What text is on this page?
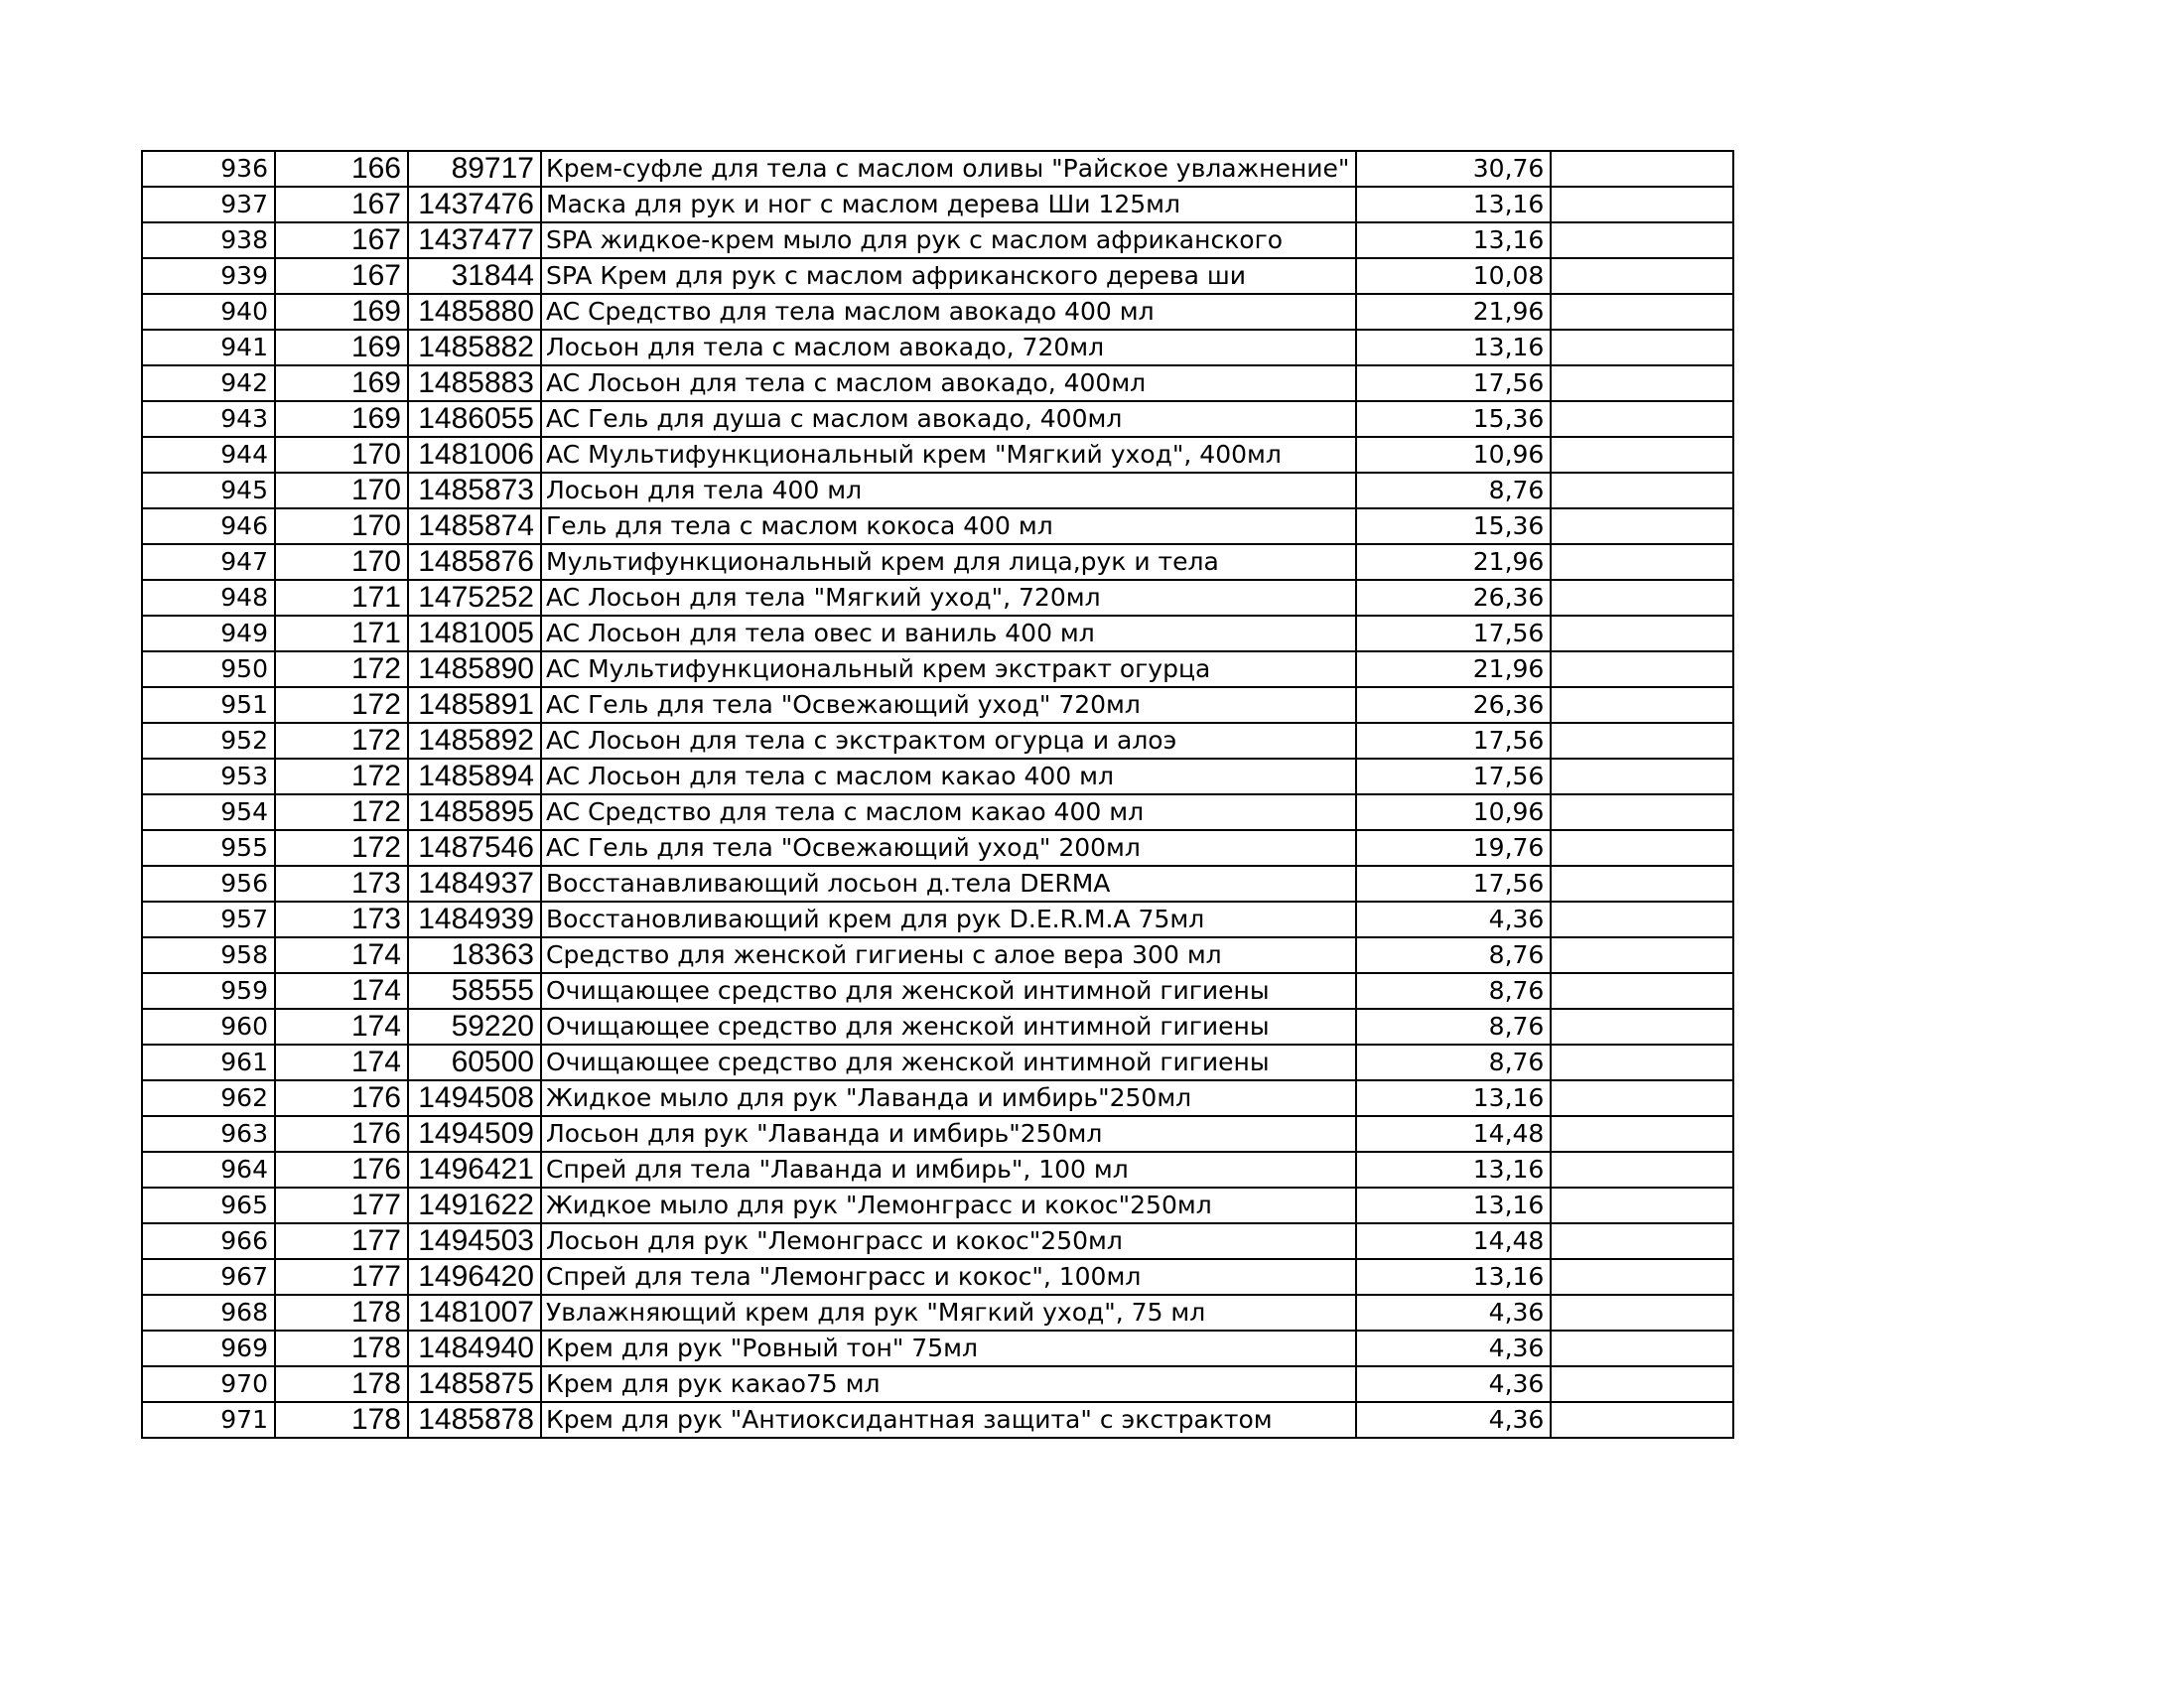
936	166	89717	Крем-суфле для тела с маслом оливы "Райское увлажнение"	30,76	
937	167	1437476	Маска для рук и ног с маслом дерева Ши 125мл	13,16	
938	167	1437477	SPA жидкое-крем мыло для рук с маслом африканского	13,16	
939	167	31844	SPA Крем для рук с маслом африканского дерева ши	10,08	
940	169	1485880	AC Средство для тела маслом авокадо 400 мл	21,96	
941	169	1485882	Лосьон для тела с маслом авокадо, 720мл	13,16	
942	169	1485883	AC Лосьон для тела с маслом авокадо, 400мл	17,56	
943	169	1486055	AC Гель для душа с маслом авокадо, 400мл	15,36	
944	170	1481006	AC Мультифункциональный крем "Мягкий уход", 400мл	10,96	
945	170	1485873	Лосьон для тела 400 мл	8,76	
946	170	1485874	Гель для тела с маслом кокоса 400 мл	15,36	
947	170	1485876	Мультифункциональный крем для лица,рук и тела	21,96	
948	171	1475252	AC Лосьон для тела "Мягкий уход", 720мл	26,36	
949	171	1481005	AC Лосьон для тела овес и ваниль 400 мл	17,56	
950	172	1485890	AC Мультифункциональный крем экстракт огурца	21,96	
951	172	1485891	AC Гель для тела "Освежающий уход" 720мл	26,36	
952	172	1485892	AC Лосьон для тела с экстрактом огурца и алоэ	17,56	
953	172	1485894	AC Лосьон для тела с маслом какао 400 мл	17,56	
954	172	1485895	AC Средство для тела с маслом какао 400 мл	10,96	
955	172	1487546	AC Гель для тела "Освежающий уход" 200мл	19,76	
956	173	1484937	Восстанавливающий лосьон д.тела DERMA	17,56	
957	173	1484939	Восстановливающий крем для рук D.E.R.M.A 75мл	4,36	
958	174	18363	Средство для женской гигиены с алое вера 300 мл	8,76	
959	174	58555	Очищающее средство для женской интимной гигиены	8,76	
960	174	59220	Очищающее средство для женской интимной гигиены	8,76	
961	174	60500	Очищающее средство для женской интимной гигиены	8,76	
962	176	1494508	Жидкое мыло для рук "Лаванда и имбирь"250мл	13,16	
963	176	1494509	Лосьон для рук "Лаванда и имбирь"250мл	14,48	
964	176	1496421	Спрей для тела "Лаванда и имбирь", 100 мл	13,16	
965	177	1491622	Жидкое мыло для рук "Лемонграсс и кокос"250мл	13,16	
966	177	1494503	Лосьон для рук "Лемонграсс и кокос"250мл	14,48	
967	177	1496420	Спрей для тела "Лемонграсс и кокос", 100мл	13,16	
968	178	1481007	Увлажняющий крем для рук "Мягкий уход", 75 мл	4,36	
969	178	1484940	Крем для рук "Ровный тон" 75мл	4,36	
970	178	1485875	Крем для рук какао75 мл	4,36	
971	178	1485878	Крем для рук "Антиоксидантная защита" с экстрактом	4,36	
